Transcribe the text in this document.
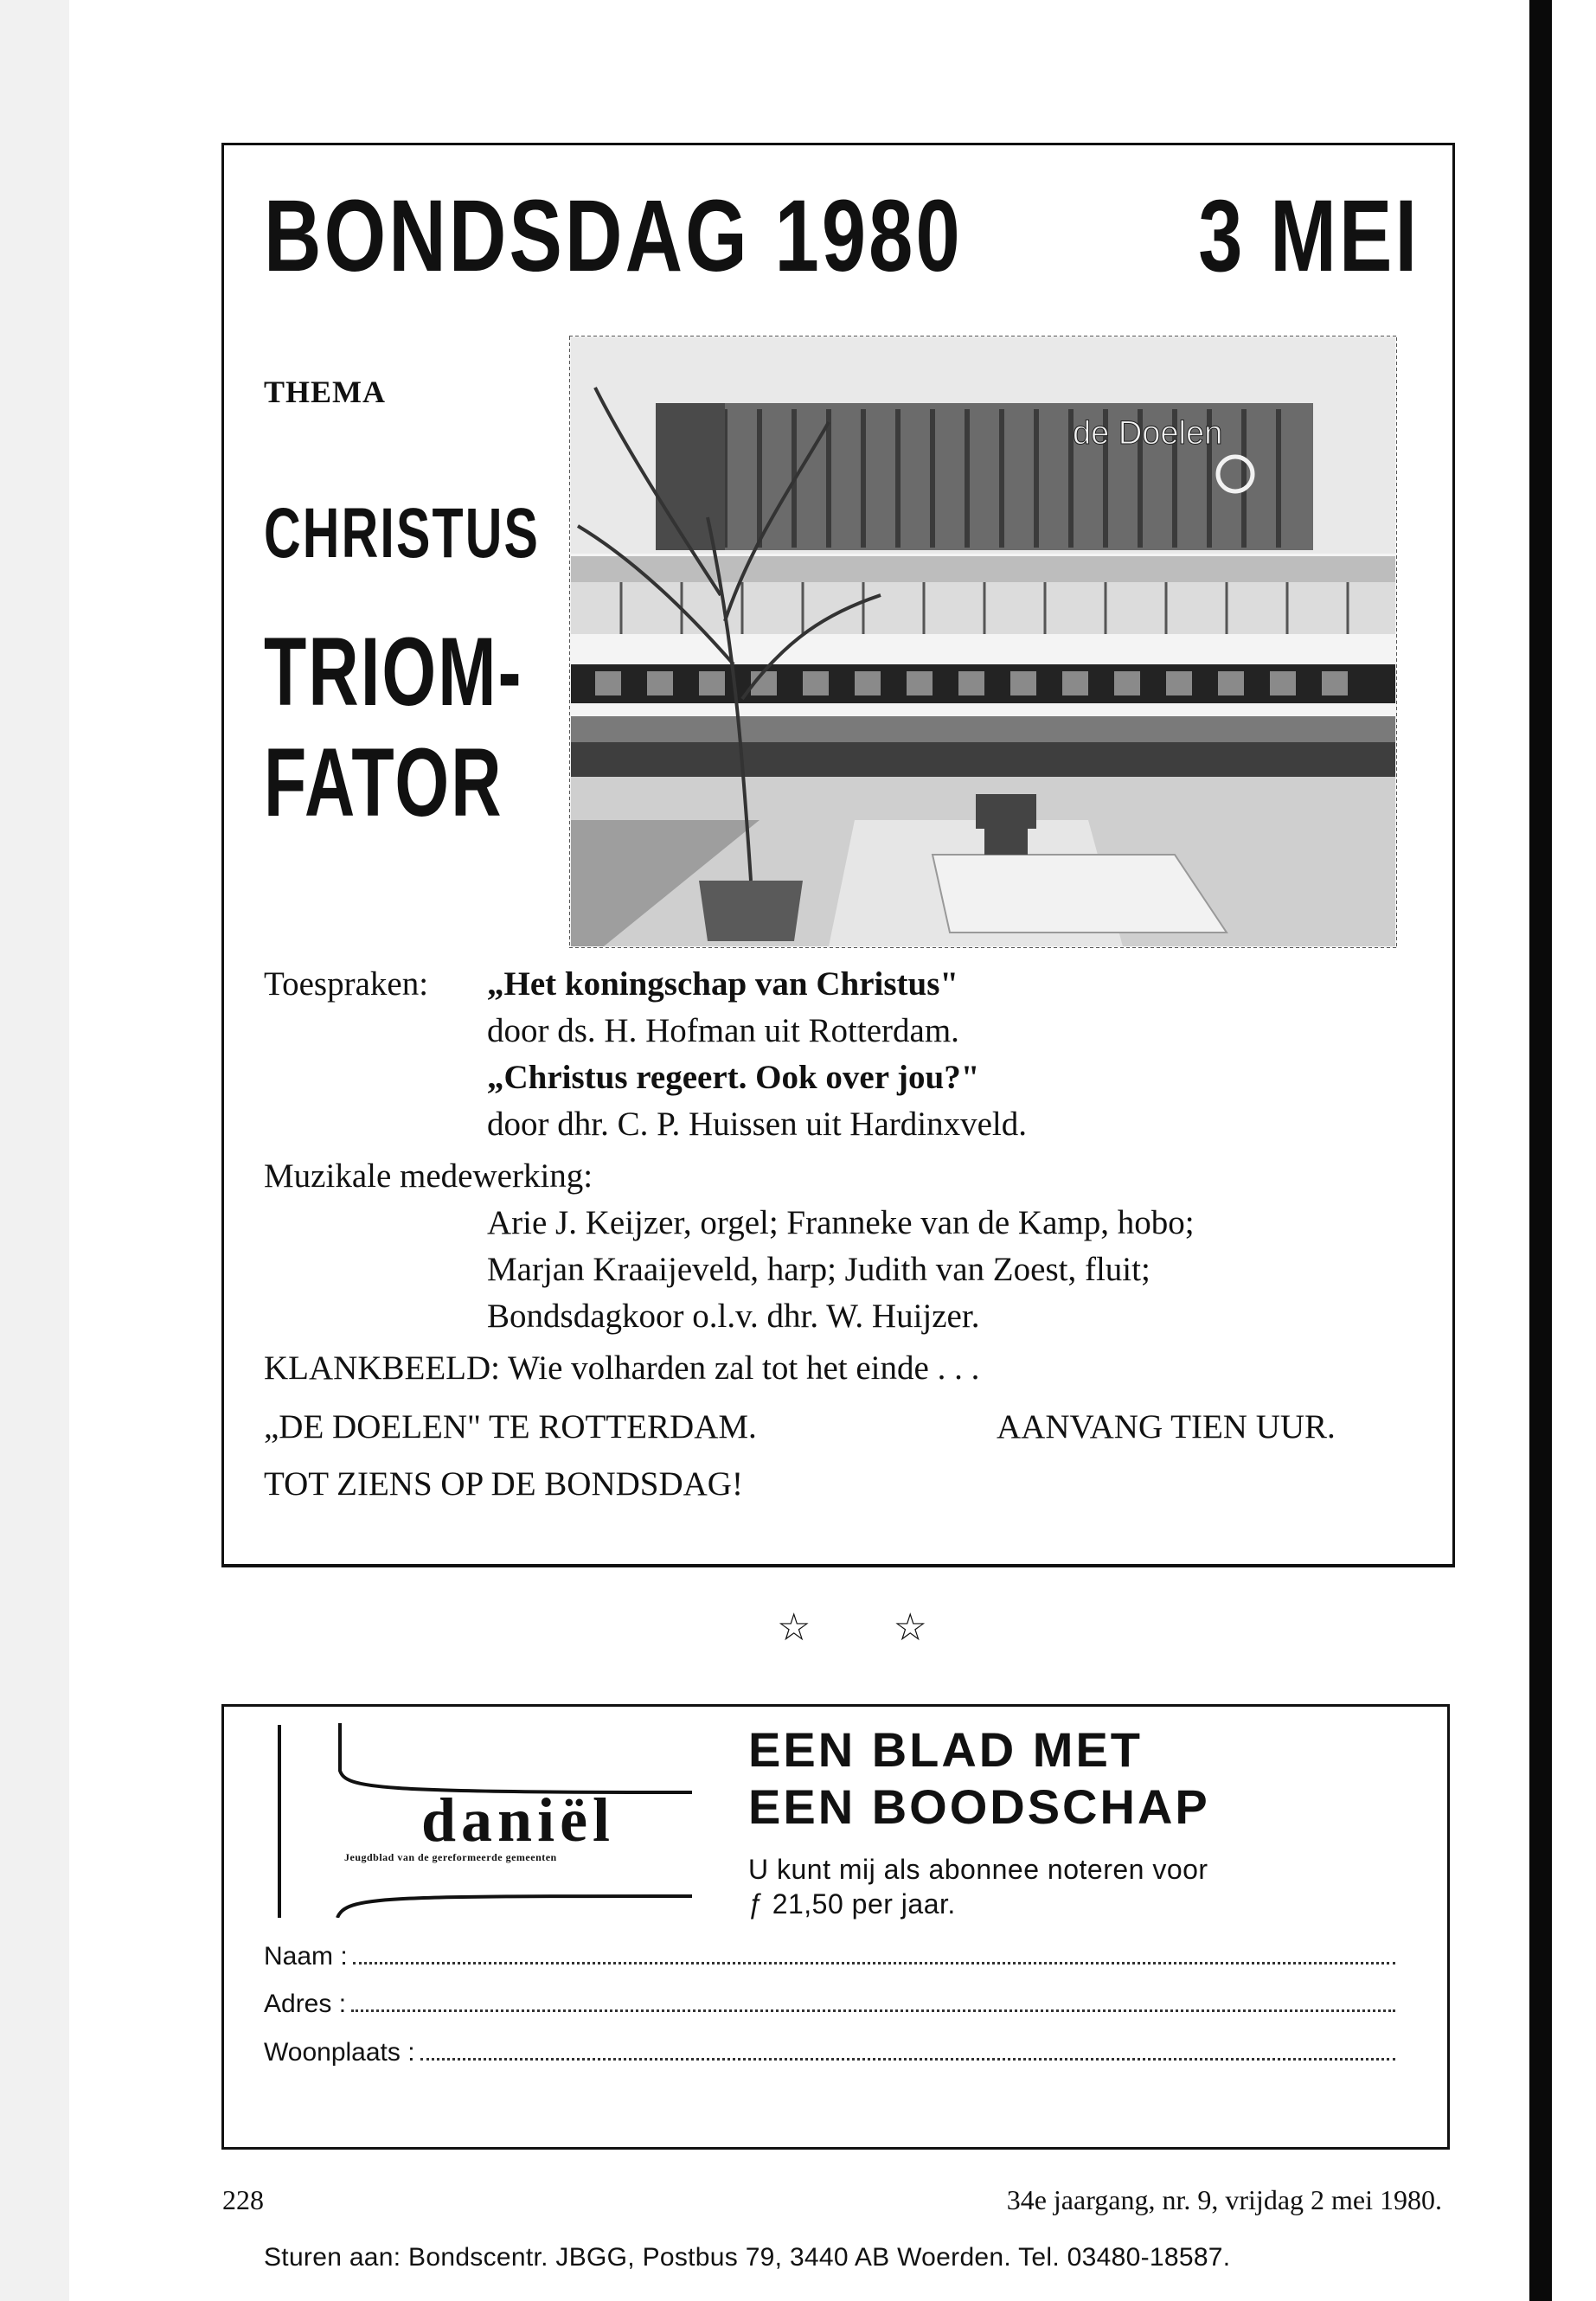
BONDSDAG 1980 3 MEI
THEMA
CHRISTUS
TRIOM-
FATOR
de Doelen
Toespraken: „Het koningschap van Christus"
door ds. H. Hofman uit Rotterdam.
„Christus regeert. Ook over jou?"
door dhr. C. P. Huissen uit Hardinxveld.
Muzikale medewerking:
Arie J. Keijzer, orgel; Franneke van de Kamp, hobo;
Marjan Kraaijeveld, harp; Judith van Zoest, fluit;
Bondsdagkoor o.l.v. dhr. W. Huijzer.
KLANKBEELD: Wie volharden zal tot het einde . . .
„DE DOELEN" TE ROTTERDAM.	AANVANG TIEN UUR.
TOT ZIENS OP DE BONDSDAG!
☆ ☆
daniël
Jeugdblad van de gereformeerde gemeenten
EEN BLAD MET
EEN BOODSCHAP
U kunt mij als abonnee noteren voor
ƒ 21,50 per jaar.
Naam :
Adres :
Woonplaats :
Sturen aan: Bondscentr. JBGG, Postbus 79, 3440 AB Woerden. Tel. 03480-18587.
228	34e jaargang, nr. 9, vrijdag 2 mei 1980.
